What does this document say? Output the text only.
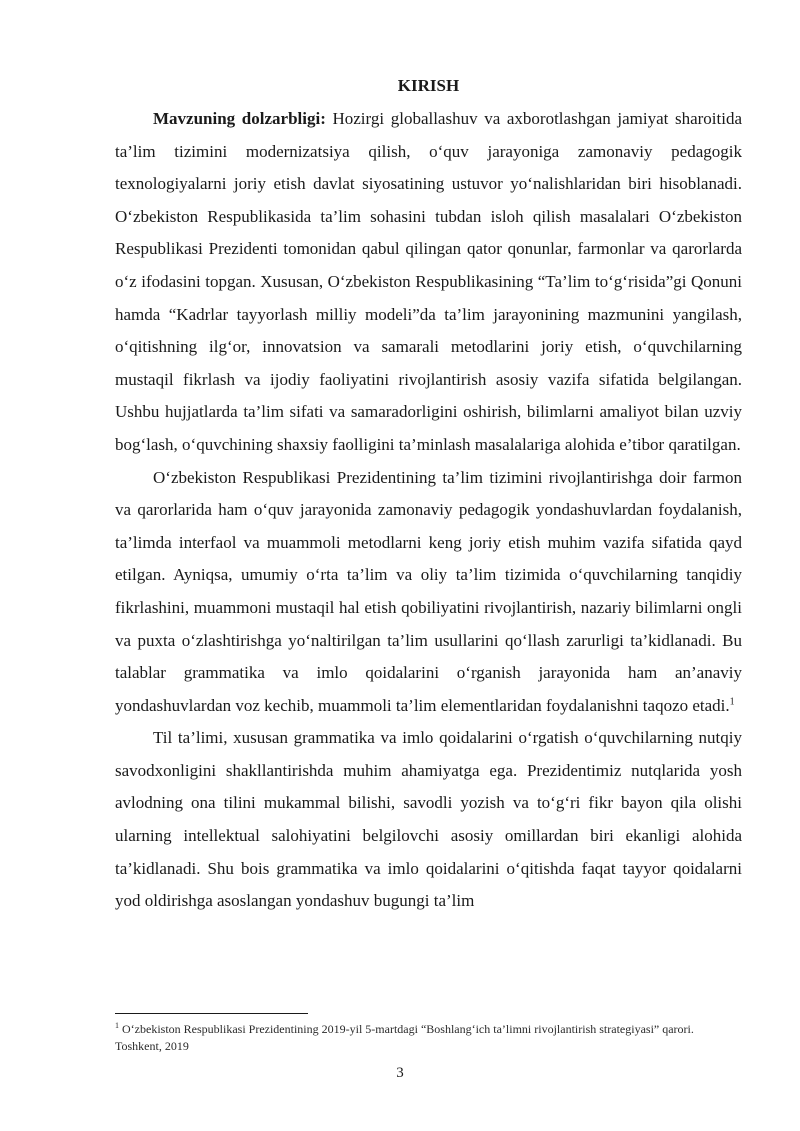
KIRISH

Mavzuning dolzarbligi: Hozirgi globallashuv va axborotlashgan jamiyat sharoitida ta’lim tizimini modernizatsiya qilish, o‘quv jarayoniga zamonaviy pedagogik texnologiyalarni joriy etish davlat siyosatining ustuvor yo‘nalishlaridan biri hisoblanadi. O‘zbekiston Respublikasida ta’lim sohasini tubdan isloh qilish masalalari O‘zbekiston Respublikasi Prezidenti tomonidan qabul qilingan qator qonunlar, farmonlar va qarorlarda o‘z ifodasini topgan. Xususan, O‘zbekiston Respublikasining “Ta’lim to‘g‘risida”gi Qonuni hamda “Kadrlar tayyorlash milliy modeli”da ta’lim jarayonining mazmunini yangilash, o‘qitishning ilg‘or, innovatsion va samarali metodlarini joriy etish, o‘quvchilarning mustaqil fikrlash va ijodiy faoliyatini rivojlantirish asosiy vazifa sifatida belgilangan. Ushbu hujjatlarda ta’lim sifati va samaradorligini oshirish, bilimlarni amaliyot bilan uzviy bog‘lash, o‘quvchining shaxsiy faolligini ta’minlash masalalariga alohida e’tibor qaratilgan.

O‘zbekiston Respublikasi Prezidentining ta’lim tizimini rivojlantirishga doir farmon va qarorlarida ham o‘quv jarayonida zamonaviy pedagogik yondashuvlardan foydalanish, ta’limda interfaol va muammoli metodlarni keng joriy etish muhim vazifa sifatida qayd etilgan. Ayniqsa, umumiy o‘rta ta’lim va oliy ta’lim tizimida o‘quvchilarning tanqidiy fikrlashini, muammoni mustaqil hal etish qobiliyatini rivojlantirish, nazariy bilimlarni ongli va puxta o‘zlashtirishga yo‘naltirilgan ta’lim usullarini qo‘llash zarurligi ta’kidlanadi. Bu talablar grammatika va imlo qoidalarini o‘rganish jarayonida ham an’anaviy yondashuvlardan voz kechib, muammoli ta’lim elementlaridan foydalanishni taqozo etadi.$^1$

Til ta’limi, xususan grammatika va imlo qoidalarini o‘rgatish o‘quvchilarning nutqiy savodxonligini shakllantirishda muhim ahamiyatga ega. Prezidentimiz nutqlarida yosh avlodning ona tilini mukammal bilishi, savodli yozish va to‘g‘ri fikr bayon qila olishi ularning intellektual salohiyatini belgilovchi asosiy omillardan biri ekanligi alohida ta’kidlanadi. Shu bois grammatika va imlo qoidalarini o‘qitishda faqat tayyor qoidalarni yod oldirishga asoslangan yondashuv bugungi ta’lim

$^1$ O‘zbekiston Respublikasi Prezidentining 2019-yil 5-martdagi “Boshlang‘ich ta’limni rivojlantirish strategiyasi” qarori. Toshkent, 2019
3
